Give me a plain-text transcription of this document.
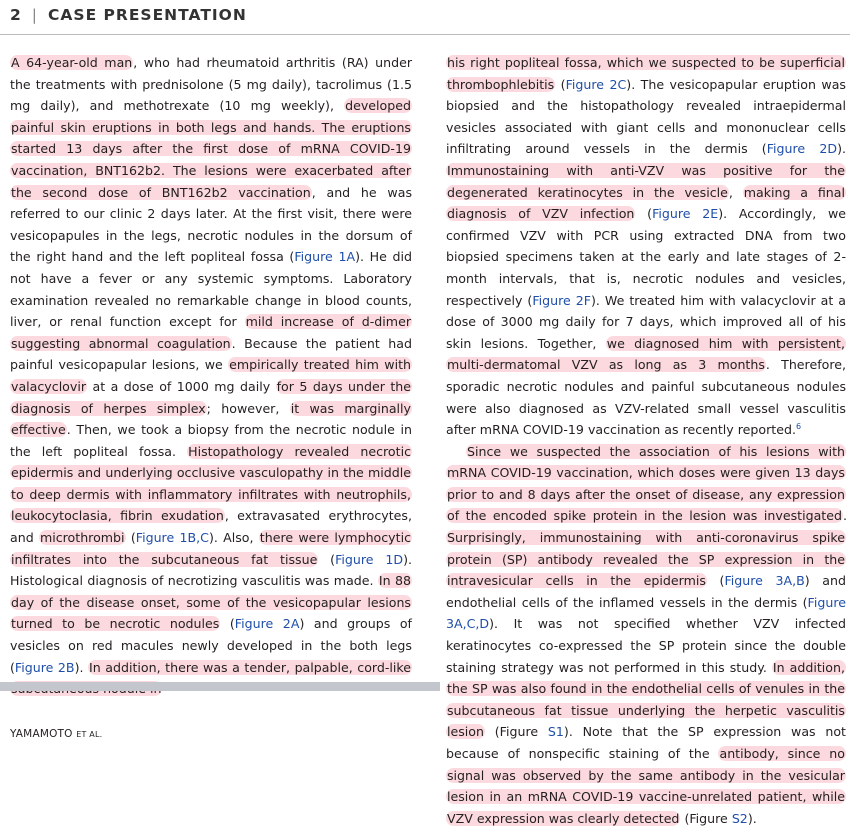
2 | CASE PRESENTATION

A 64-year-old man, who had rheumatoid arthritis (RA) under the treatments with prednisolone (5 mg daily), tacrolimus (1.5 mg daily), and methotrexate (10 mg weekly), developed painful skin eruptions in both legs and hands. The eruptions started 13 days after the first dose of mRNA COVID-19 vaccination, BNT162b2. The lesions were exacerbated after the second dose of BNT162b2 vaccination, and he was referred to our clinic 2 days later. At the first visit, there were vesicopapules in the legs, necrotic nodules in the dorsum of the right hand and the left popliteal fossa (Figure 1A). He did not have a fever or any systemic symptoms. Laboratory examination revealed no remarkable change in blood counts, liver, or renal function except for mild increase of d-dimer suggesting abnormal coagulation. Because the patient had painful vesicopapular lesions, we empirically treated him with valacyclovir at a dose of 1000 mg daily for 5 days under the diagnosis of herpes simplex; however, it was marginally effective. Then, we took a biopsy from the necrotic nodule in the left popliteal fossa. Histopathology revealed necrotic epidermis and underlying occlusive vasculopathy in the middle to deep dermis with inflammatory infiltrates with neutrophils, leukocytoclasia, fibrin exudation, extravasated erythrocytes, and microthrombi (Figure 1B,C). Also, there were lymphocytic infiltrates into the subcutaneous fat tissue (Figure 1D). Histological diagnosis of necrotizing vasculitis was made. In 88 day of the disease onset, some of the vesicopapular lesions turned to be necrotic nodules (Figure 2A) and groups of vesicles on red macules newly developed in the both legs (Figure 2B). In addition, there was a tender, palpable, cord-like

his right popliteal fossa, which we suspected to be superficial thrombophlebitis (Figure 2C). The vesicopapular eruption was biopsied and the histopathology revealed intraepidermal vesicles associated with giant cells and mononuclear cells infiltrating around vessels in the dermis (Figure 2D). Immunostaining with anti-VZV was positive for the degenerated keratinocytes in the vesicle, making a final diagnosis of VZV infection (Figure 2E). Accordingly, we confirmed VZV with PCR using extracted DNA from two biopsied specimens taken at the early and late stages of 2-month intervals, that is, necrotic nodules and vesicles, respectively (Figure 2F). We treated him with valacyclovir at a dose of 3000 mg daily for 7 days, which improved all of his skin lesions. Together, we diagnosed him with persistent, multi-dermatomal VZV as long as 3 months. Therefore, sporadic necrotic nodules and painful subcutaneous nodules were also diagnosed as VZV-related small vessel vasculitis after mRNA COVID-19 vaccination as recently reported.$^6$

Since we suspected the association of his lesions with mRNA COVID-19 vaccination, which doses were given 13 days prior to and 8 days after the onset of disease, any expression of the encoded spike protein in the lesion was investigated. Surprisingly, immunostaining with anti-coronavirus spike protein (SP) antibody revealed the SP expression in the intravesicular cells in the epidermis (Figure 3A,B) and endothelial cells of the inflamed vessels in the dermis (Figure 3A,C,D). It was not specified whether VZV infected keratinocytes co-expressed the SP protein since the double staining strategy was not performed in this study. In addition, the SP was also found in the endothelial cells of venules in the subcutaneous fat tissue underlying the herpetic vasculitis lesion (Figure S1). Note that the SP expression was not because of nonspecific staining of the antibody, since no signal was observed by the same antibody in the vesicular lesion in an mRNA COVID-19 vaccine-unrelated patient, while VZV expression was clearly detected (Figure S2).

YAMAMOTO ET AL.
